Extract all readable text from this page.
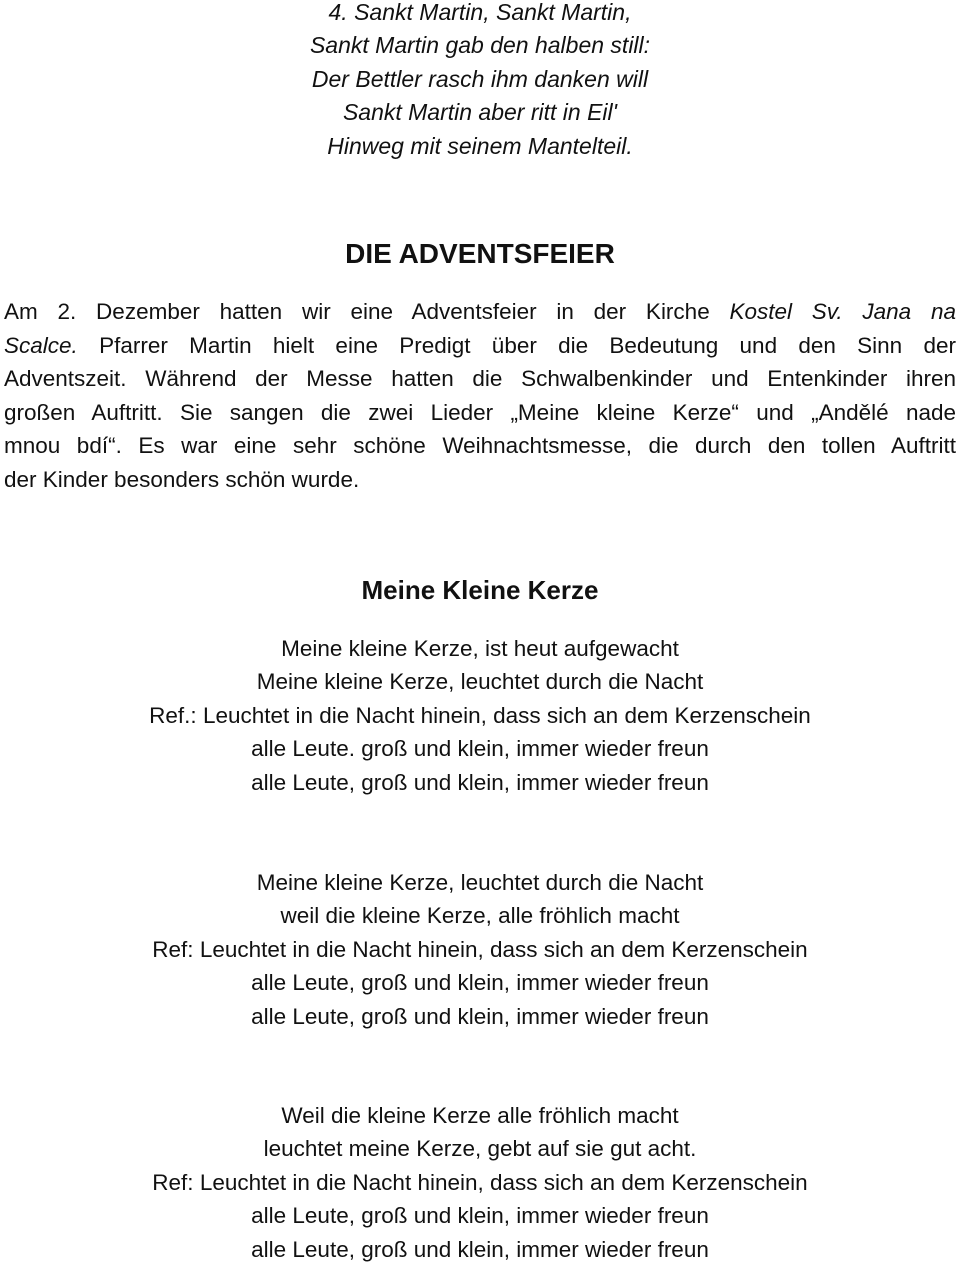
4. Sankt Martin, Sankt Martin,
Sankt Martin gab den halben still:
Der Bettler rasch ihm danken will
Sankt Martin aber ritt in Eil'
Hinweg mit seinem Mantelteil.
DIE ADVENTSFEIER
Am 2. Dezember hatten wir eine Adventsfeier in der Kirche Kostel Sv. Jana na
Scalce. Pfarrer Martin hielt eine Predigt über die Bedeutung und den Sinn der
Adventszeit. Während der Messe hatten die Schwalbenkinder und Entenkinder ihren
großen Auftritt. Sie sangen die zwei Lieder „Meine kleine Kerze“ und „Andělé nade
mnou bdí“. Es war eine sehr schöne Weihnachtsmesse, die durch den tollen Auftritt
der Kinder besonders schön wurde.
Meine Kleine Kerze
Meine kleine Kerze, ist heut aufgewacht
Meine kleine Kerze, leuchtet durch die Nacht
Ref.: Leuchtet in die Nacht hinein, dass sich an dem Kerzenschein
alle Leute. groß und klein, immer wieder freun
alle Leute, groß und klein, immer wieder freun
Meine kleine Kerze, leuchtet durch die Nacht
weil die kleine Kerze, alle fröhlich macht
Ref: Leuchtet in die Nacht hinein, dass sich an dem Kerzenschein
alle Leute, groß und klein, immer wieder freun
alle Leute, groß und klein, immer wieder freun
Weil die kleine Kerze alle fröhlich macht
leuchtet meine Kerze, gebt auf sie gut acht.
Ref: Leuchtet in die Nacht hinein, dass sich an dem Kerzenschein
alle Leute, groß und klein, immer wieder freun
alle Leute, groß und klein, immer wieder freun
